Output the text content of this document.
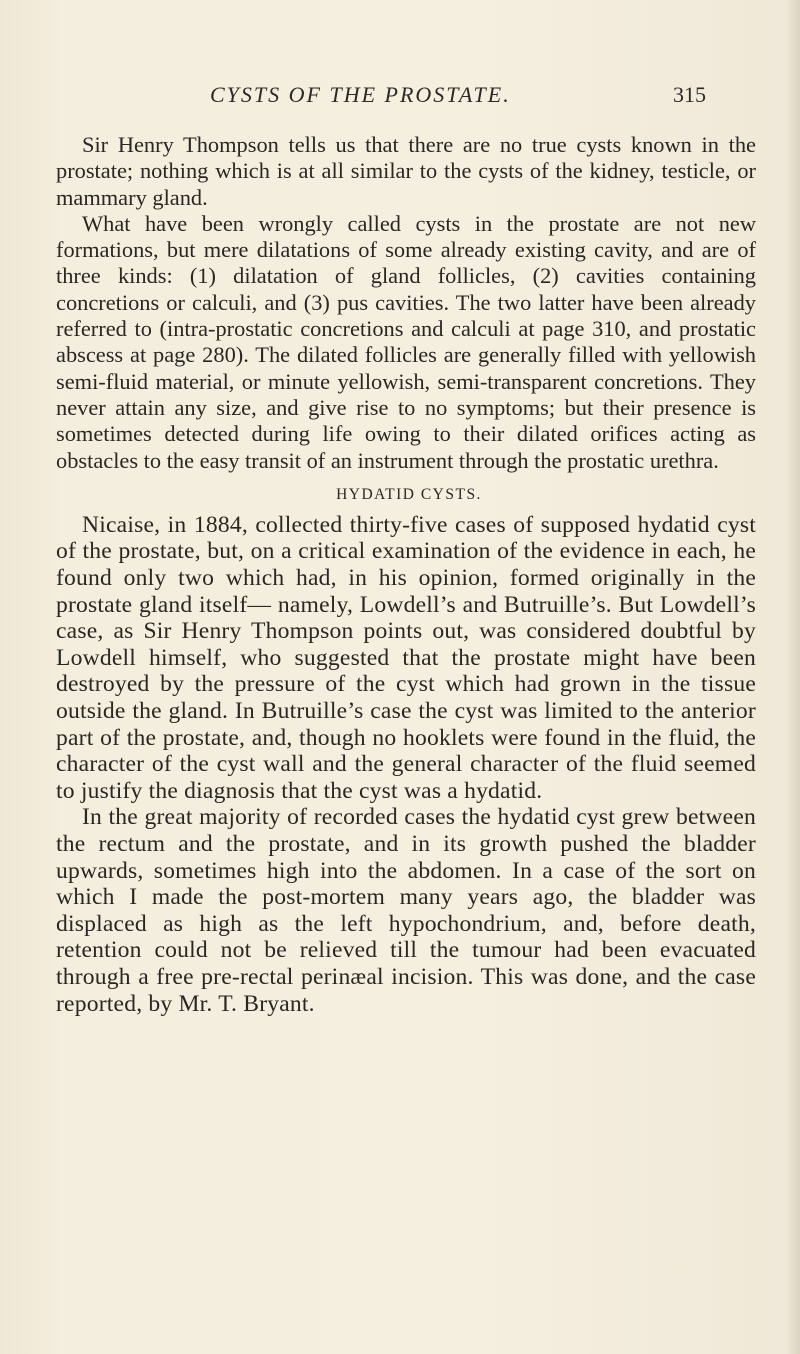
CYSTS OF THE PROSTATE.	315

Sir Henry Thompson tells us that there are no true cysts known in the prostate; nothing which is at all similar to the cysts of the kidney, testicle, or mammary gland.

What have been wrongly called cysts in the prostate are not new formations, but mere dilatations of some already existing cavity, and are of three kinds: (1) dilatation of gland follicles, (2) cavities containing concretions or calculi, and (3) pus cavities. The two latter have been already referred to (intra-prostatic concretions and calculi at page 310, and prostatic abscess at page 280). The dilated follicles are generally filled with yellowish semi-fluid material, or minute yellowish, semi-transparent concretions. They never attain any size, and give rise to no symptoms; but their presence is sometimes detected during life owing to their dilated orifices acting as obstacles to the easy transit of an instrument through the prostatic urethra.

HYDATID CYSTS.

Nicaise, in 1884, collected thirty-five cases of supposed hydatid cyst of the prostate, but, on a critical examination of the evidence in each, he found only two which had, in his opinion, formed originally in the prostate gland itself— namely, Lowdell’s and Butruille’s. But Lowdell’s case, as Sir Henry Thompson points out, was considered doubtful by Lowdell himself, who suggested that the prostate might have been destroyed by the pressure of the cyst which had grown in the tissue outside the gland. In Butruille’s case the cyst was limited to the anterior part of the prostate, and, though no hooklets were found in the fluid, the character of the cyst wall and the general character of the fluid seemed to justify the diagnosis that the cyst was a hydatid.

In the great majority of recorded cases the hydatid cyst grew between the rectum and the prostate, and in its growth pushed the bladder upwards, sometimes high into the abdomen. In a case of the sort on which I made the post-mortem many years ago, the bladder was displaced as high as the left hypochondrium, and, before death, retention could not be relieved till the tumour had been evacuated through a free pre-rectal perinæal incision. This was done, and the case reported, by Mr. T. Bryant.
